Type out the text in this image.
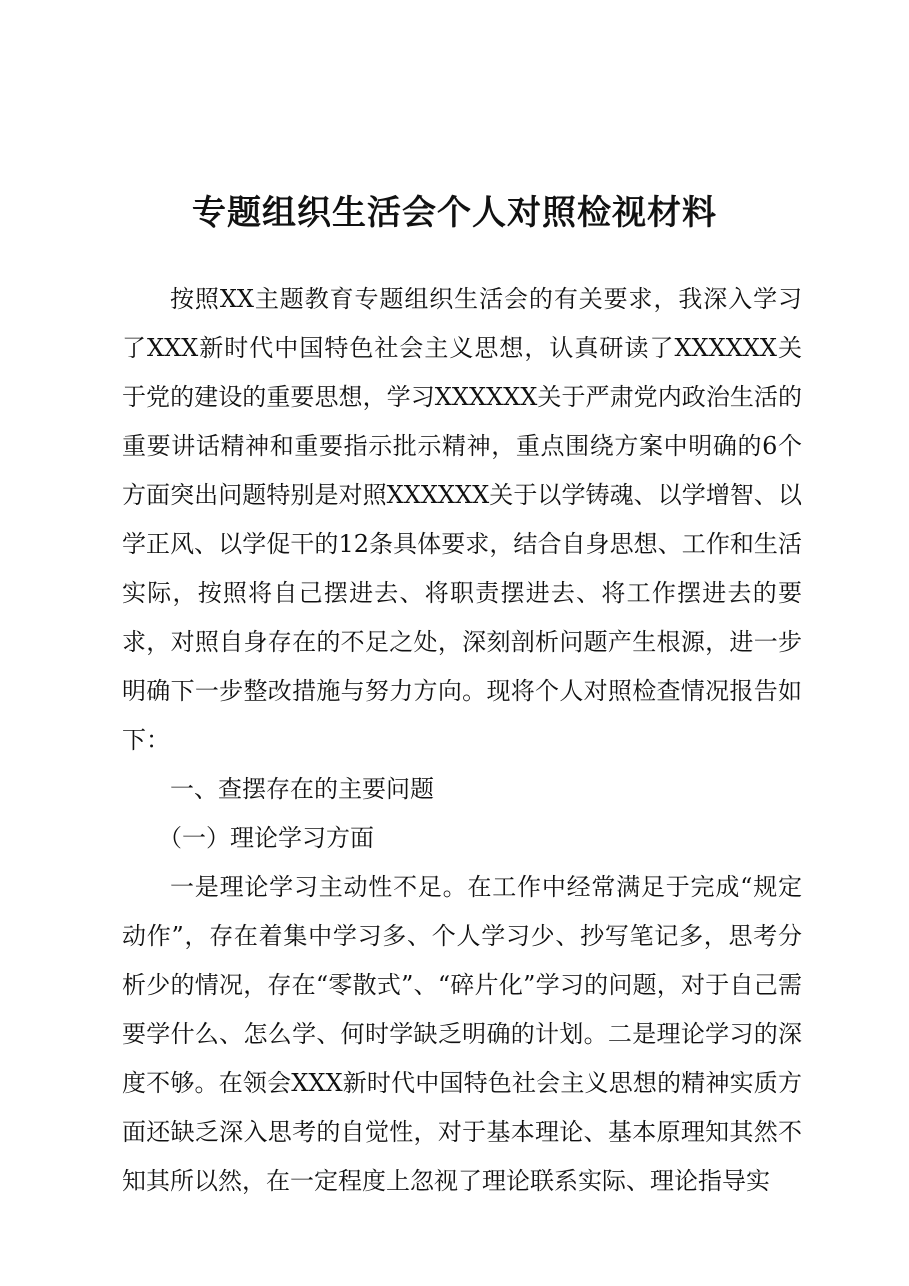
专题组织生活会个人对照检视材料

按照XX主题教育专题组织生活会的有关要求，我深入学习了XXX新时代中国特色社会主义思想，认真研读了XXXXXX关于党的建设的重要思想，学习XXXXXX关于严肃党内政治生活的重要讲话精神和重要指示批示精神，重点围绕方案中明确的6个方面突出问题特别是对照XXXXXX关于以学铸魂、以学增智、以学正风、以学促干的12条具体要求，结合自身思想、工作和生活实际，按照将自己摆进去、将职责摆进去、将工作摆进去的要求，对照自身存在的不足之处，深刻剖析问题产生根源，进一步明确下一步整改措施与努力方向。现将个人对照检查情况报告如下：

一、查摆存在的主要问题

（一）理论学习方面

一是理论学习主动性不足。在工作中经常满足于完成“规定动作”，存在着集中学习多、个人学习少、抄写笔记多，思考分析少的情况，存在“零散式”、“碎片化”学习的问题，对于自己需要学什么、怎么学、何时学缺乏明确的计划。二是理论学习的深度不够。在领会XXX新时代中国特色社会主义思想的精神实质方面还缺乏深入思考的自觉性，对于基本理论、基本原理知其然不知其所以然，在一定程度上忽视了理论联系实际、理论指导实
